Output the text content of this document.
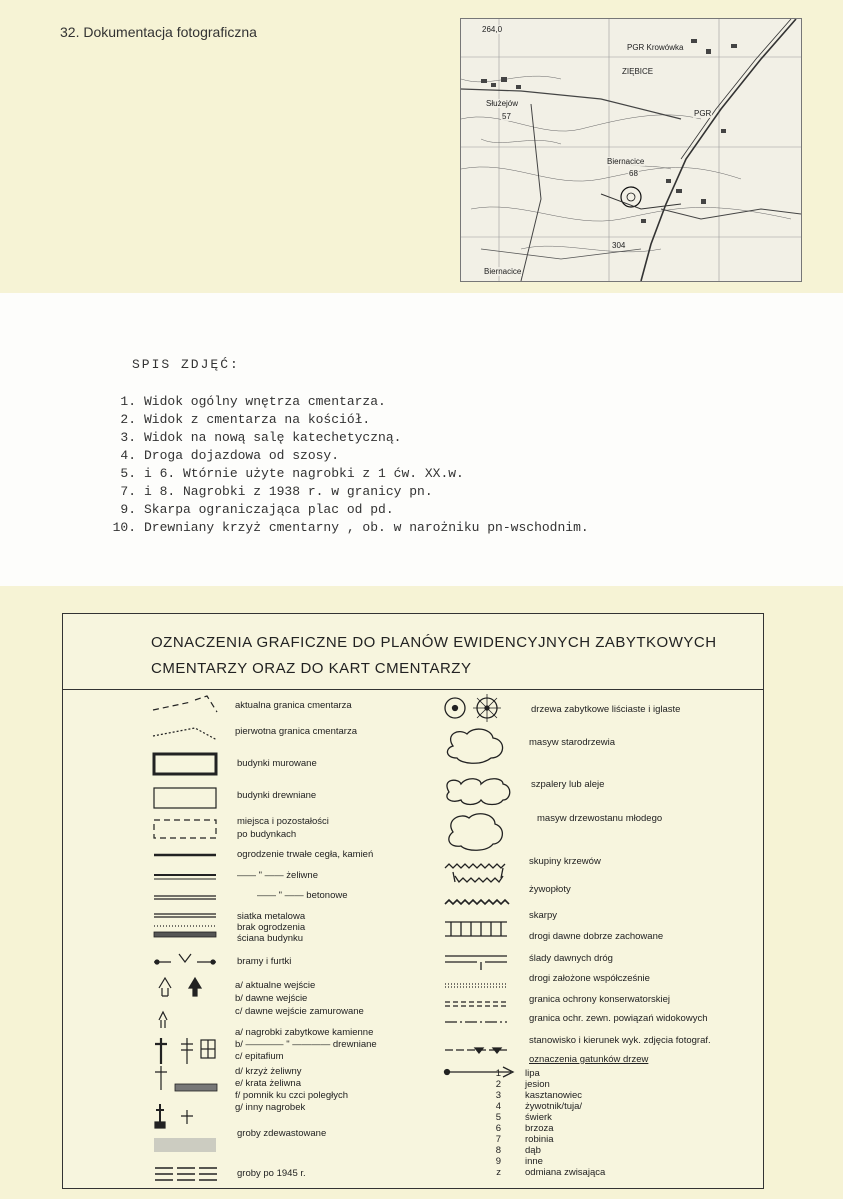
32. Dokumentacja fotograficzna	264,0
PGR Krowówka
ZIĘBICE
Służejów
57	PGR
Biernacice
68
304
Biernacice
SPIS ZDJĘĆ:
1. Widok ogólny wnętrza cmentarza.
2. Widok z cmentarza na kościół.
3. Widok na nową salę katechetyczną.
4. Droga dojazdowa od szosy.
5. i 6. Wtórnie użyte nagrobki z 1 ćw. XX.w.
7. i 8. Nagrobki z 1938 r. w granicy pn.
9. Skarpa ograniczająca plac od pd.
10. Drewniany krzyż cmentarny , ob. w narożniku pn-wschodnim.
OZNACZENIA GRAFICZNE DO PLANÓW EWIDENCYJNYCH ZABYTKOWYCH
CMENTARZY ORAZ DO KART CMENTARZY
aktualna granica cmentarza
pierwotna granica cmentarza
budynki murowane
budynki drewniane
miejsca i pozostałości
po budynkach
ogrodzenie trwałe cegła, kamień
—— " —— żeliwne
—— " —— betonowe
siatka metalowa
brak ogrodzenia
ściana budynku
bramy i furtki
a/ aktualne wejście
b/ dawne wejście
c/ dawne wejście zamurowane
a/ nagrobki zabytkowe kamienne
b/ ———— " ———— drewniane
c/ epitafium
d/ krzyż żeliwny
e/ krata żeliwna
f/ pomnik ku czci poległych
g/ inny nagrobek
groby zdewastowane
groby po 1945 r.
drzewa zabytkowe liściaste i iglaste
masyw starodrzewia
szpalery lub aleje
masyw drzewostanu młodego
skupiny krzewów
żywopłoty
skarpy
drogi dawne dobrze zachowane
ślady dawnych dróg
drogi założone współcześnie
granica ochrony konserwatorskiej
granica ochr. zewn. powiązań widokowych
stanowisko i kierunek wyk. zdjęcia fotograf.
oznaczenia gatunków drzew
1	lipa
2	jesion
3	kasztanowiec
4	żywotnik/tuja/
5	świerk
6	brzoza
7	robinia
8	dąb
9	inne
z	odmiana zwisająca
